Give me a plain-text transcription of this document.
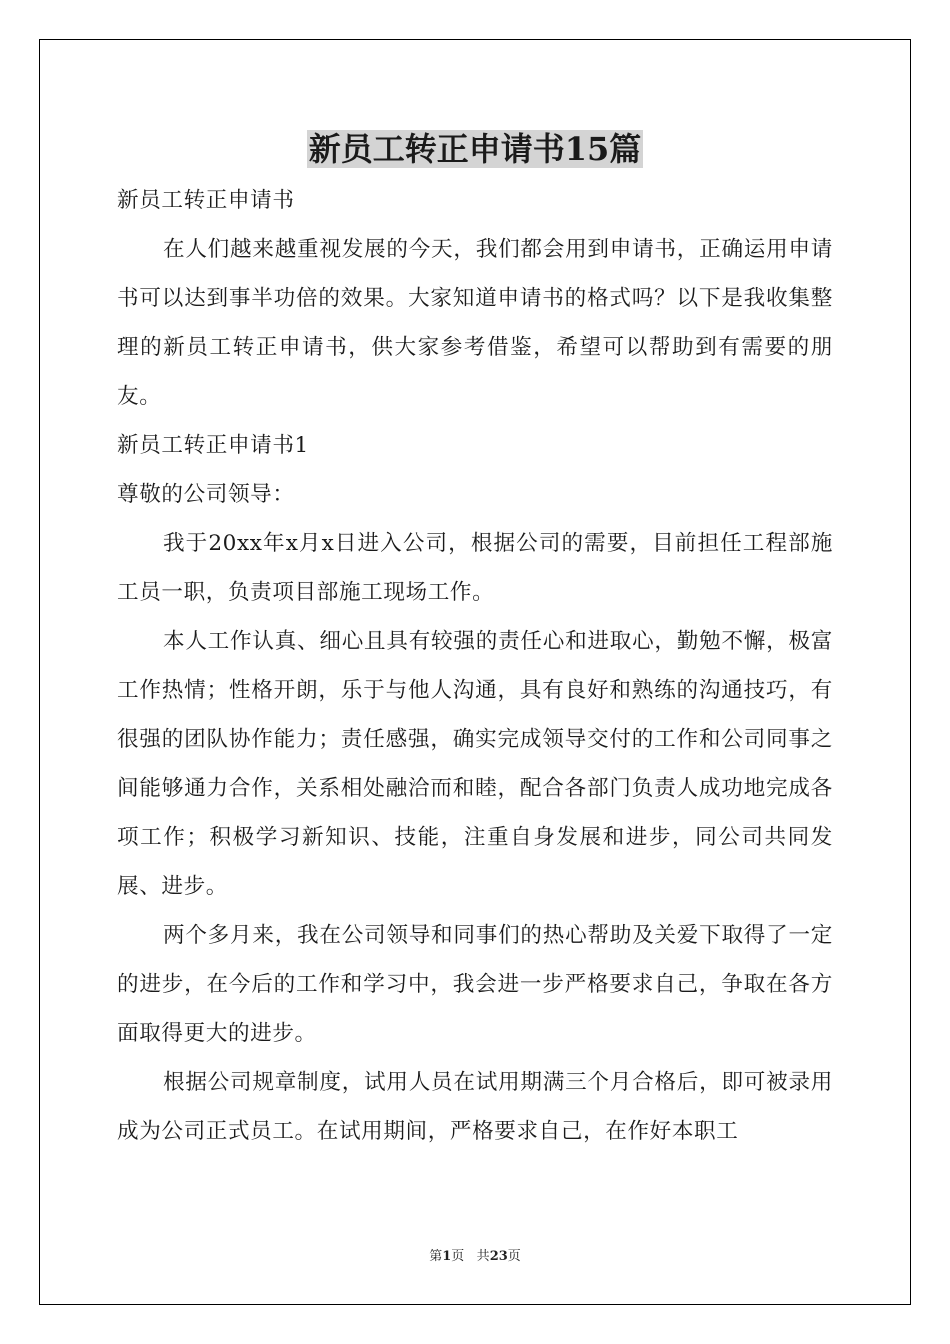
新员工转正申请书15篇

新员工转正申请书

在人们越来越重视发展的今天，我们都会用到申请书，正确运用申请书可以达到事半功倍的效果。大家知道申请书的格式吗？以下是我收集整理的新员工转正申请书，供大家参考借鉴，希望可以帮助到有需要的朋友。

新员工转正申请书1

尊敬的公司领导：

我于20xx年x月x日进入公司，根据公司的需要，目前担任工程部施工员一职，负责项目部施工现场工作。

本人工作认真、细心且具有较强的责任心和进取心，勤勉不懈，极富工作热情；性格开朗，乐于与他人沟通，具有良好和熟练的沟通技巧，有很强的团队协作能力；责任感强，确实完成领导交付的工作和公司同事之间能够通力合作，关系相处融洽而和睦，配合各部门负责人成功地完成各项工作；积极学习新知识、技能，注重自身发展和进步，同公司共同发展、进步。

两个多月来，我在公司领导和同事们的热心帮助及关爱下取得了一定的进步，在今后的工作和学习中，我会进一步严格要求自己，争取在各方面取得更大的进步。

根据公司规章制度，试用人员在试用期满三个月合格后，即可被录用成为公司正式员工。在试用期间，严格要求自己，在作好本职工

第1页 共23页
